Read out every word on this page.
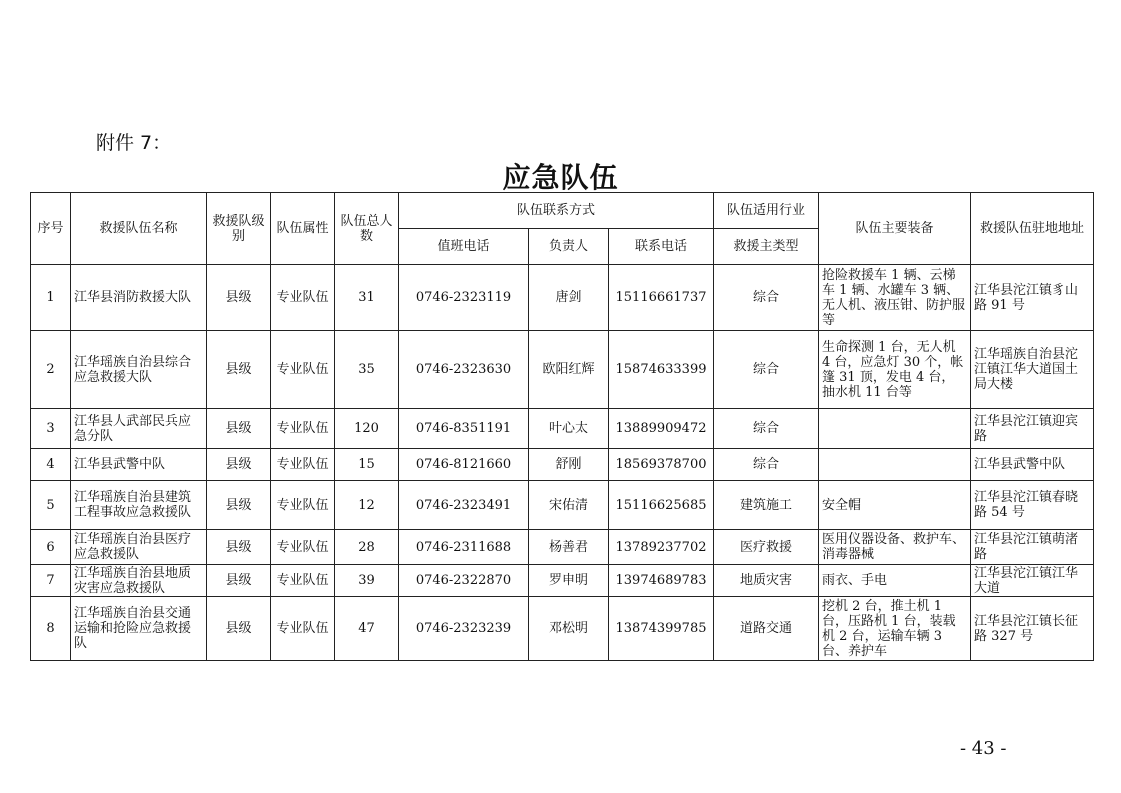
附件 7：
应急队伍
序号	救援队伍名称	救援队级别	队伍属性	队伍总人数	队伍联系方式			队伍适用行业	队伍主要装备	救援队伍驻地地址
					值班电话	负责人	联系电话	救援主类型		
1	江华县消防救援大队	县级	专业队伍	31	0746-2323119	唐剑	15116661737	综合	抢险救援车 1 辆、云梯车 1 辆、水罐车 3 辆、无人机、液压钳、防护服等	江华县沱江镇豸山路 91 号
2	江华瑶族自治县综合应急救援大队	县级	专业队伍	35	0746-2323630	欧阳红辉	15874633399	综合	生命探测 1 台，无人机 4 台，应急灯 30 个，帐篷 31 顶，发电 4 台，抽水机 11 台等	江华瑶族自治县沱江镇江华大道国土局大楼
3	江华县人武部民兵应急分队	县级	专业队伍	120	0746-8351191	叶心太	13889909472	综合		江华县沱江镇迎宾路
4	江华县武警中队	县级	专业队伍	15	0746-8121660	舒刚	18569378700	综合		江华县武警中队
5	江华瑶族自治县建筑工程事故应急救援队	县级	专业队伍	12	0746-2323491	宋佑清	15116625685	建筑施工	安全帽	江华县沱江镇春晓路 54 号
6	江华瑶族自治县医疗应急救援队	县级	专业队伍	28	0746-2311688	杨善君	13789237702	医疗救援	医用仪器设备、救护车、消毒器械	江华县沱江镇萌渚路
7	江华瑶族自治县地质灾害应急救援队	县级	专业队伍	39	0746-2322870	罗申明	13974689783	地质灾害	雨衣、手电	江华县沱江镇江华大道
8	江华瑶族自治县交通运输和抢险应急救援队	县级	专业队伍	47	0746-2323239	邓松明	13874399785	道路交通	挖机 2 台，推土机 1 台，压路机 1 台，装载机 2 台，运输车辆 3 台、养护车	江华县沱江镇长征路 327 号
- 43 -
